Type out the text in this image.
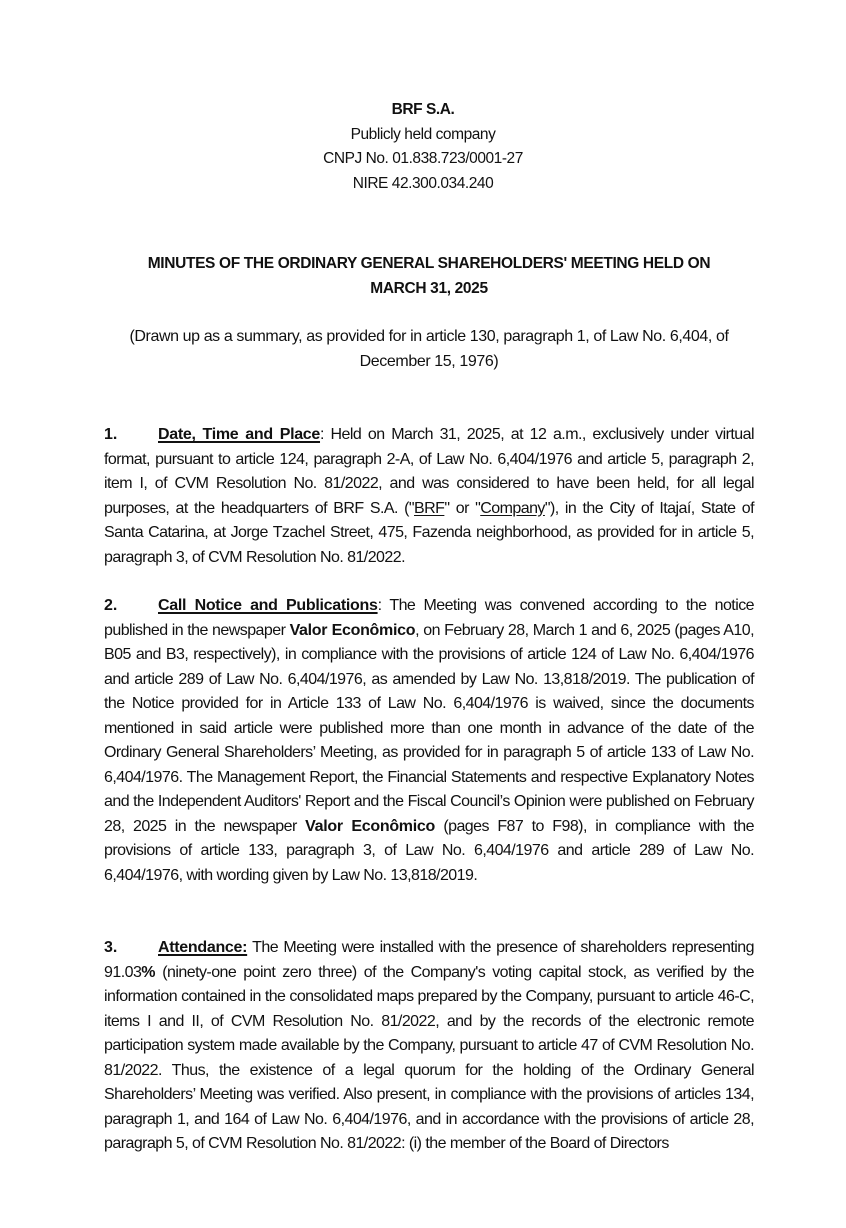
BRF S.A.
Publicly held company
CNPJ No. 01.838.723/0001-27
NIRE 42.300.034.240
MINUTES OF THE ORDINARY GENERAL SHAREHOLDERS' MEETING HELD ON
MARCH 31, 2025
(Drawn up as a summary, as provided for in article 130, paragraph 1, of Law No. 6,404, of December 15, 1976)
1.	Date, Time and Place: Held on March 31, 2025, at 12 a.m., exclusively under virtual format, pursuant to article 124, paragraph 2-A, of Law No. 6,404/1976 and article 5, paragraph 2, item I, of CVM Resolution No. 81/2022, and was considered to have been held, for all legal purposes, at the headquarters of BRF S.A. ("BRF" or "Company"), in the City of Itajaí, State of Santa Catarina, at Jorge Tzachel Street, 475, Fazenda neighborhood, as provided for in article 5, paragraph 3, of CVM Resolution No. 81/2022.
2.	Call Notice and Publications: The Meeting was convened according to the notice published in the newspaper Valor Econômico, on February 28, March 1 and 6, 2025 (pages A10, B05 and B3, respectively), in compliance with the provisions of article 124 of Law No. 6,404/1976 and article 289 of Law No. 6,404/1976, as amended by Law No. 13,818/2019. The publication of the Notice provided for in Article 133 of Law No. 6,404/1976 is waived, since the documents mentioned in said article were published more than one month in advance of the date of the Ordinary General Shareholders’ Meeting, as provided for in paragraph 5 of article 133 of Law No. 6,404/1976. The Management Report, the Financial Statements and respective Explanatory Notes and the Independent Auditors' Report and the Fiscal Council’s Opinion were published on February 28, 2025 in the newspaper Valor Econômico (pages F87 to F98), in compliance with the provisions of article 133, paragraph 3, of Law No. 6,404/1976 and article 289 of Law No. 6,404/1976, with wording given by Law No. 13,818/2019.
3.	Attendance: The Meeting were installed with the presence of shareholders representing 91.03% (ninety-one point zero three) of the Company's voting capital stock, as verified by the information contained in the consolidated maps prepared by the Company, pursuant to article 46-C, items I and II, of CVM Resolution No. 81/2022, and by the records of the electronic remote participation system made available by the Company, pursuant to article 47 of CVM Resolution No. 81/2022. Thus, the existence of a legal quorum for the holding of the Ordinary General Shareholders’ Meeting was verified. Also present, in compliance with the provisions of articles 134, paragraph 1, and 164 of Law No. 6,404/1976, and in accordance with the provisions of article 28, paragraph 5, of CVM Resolution No. 81/2022: (i) the member of the Board of Directors
